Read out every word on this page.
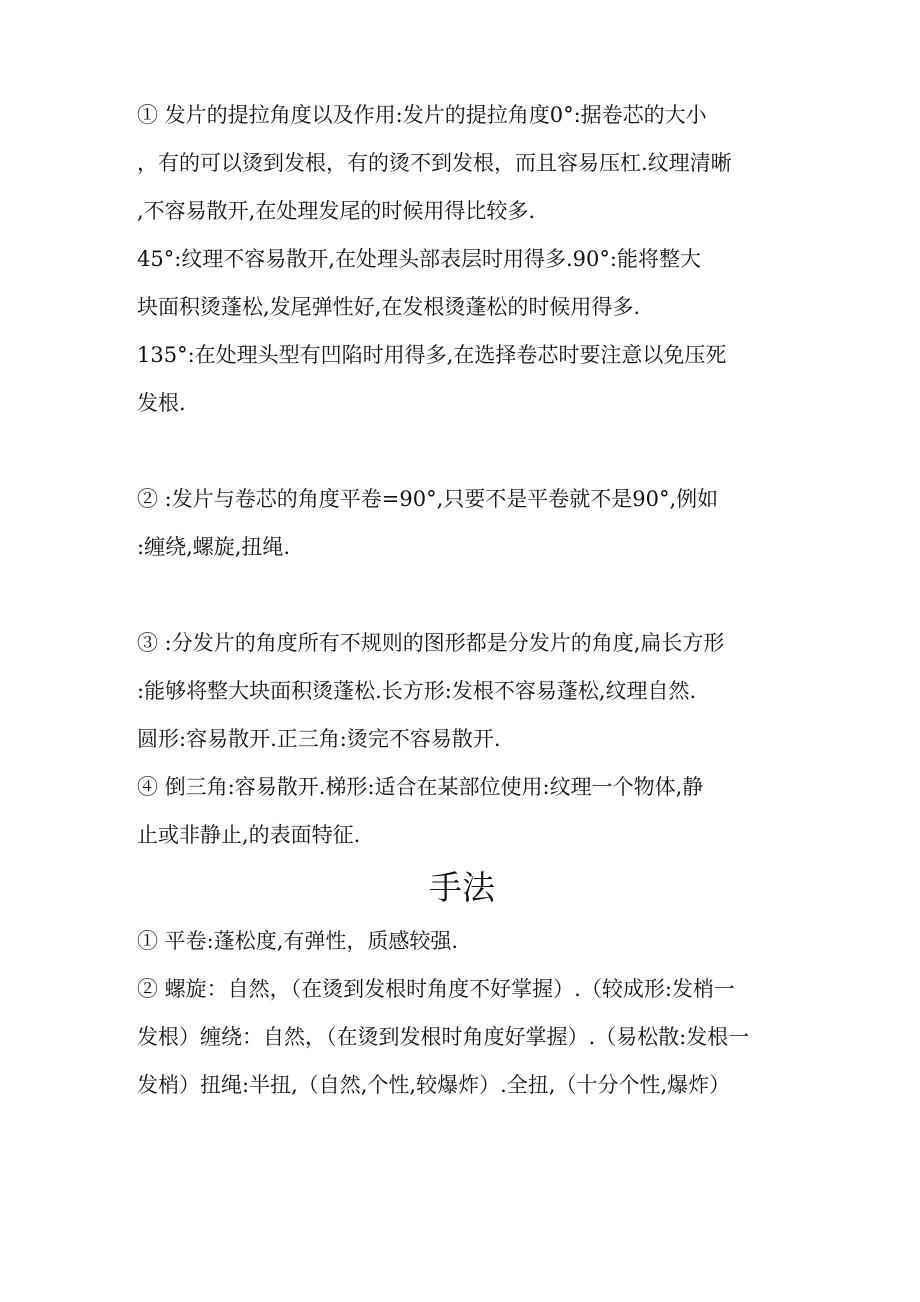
① 发片的提拉角度以及作用:发片的提拉角度0°:据卷芯的大小
，有的可以烫到发根，有的烫不到发根，而且容易压杠.纹理清晰
,不容易散开,在处理发尾的时候用得比较多.
45°:纹理不容易散开,在处理头部表层时用得多.90°:能将整大
块面积烫蓬松,发尾弹性好,在发根烫蓬松的时候用得多.
135°:在处理头型有凹陷时用得多,在选择卷芯时要注意以免压死
发根.
② :发片与卷芯的角度平卷=90°,只要不是平卷就不是90°,例如
:缠绕,螺旋,扭绳.
③ :分发片的角度所有不规则的图形都是分发片的角度,扁长方形
:能够将整大块面积烫蓬松.长方形:发根不容易蓬松,纹理自然.
圆形:容易散开.正三角:烫完不容易散开.
④ 倒三角:容易散开.梯形:适合在某部位使用:纹理一个物体,静
止或非静止,的表面特征.
手法
① 平卷:蓬松度,有弹性，质感较强.
② 螺旋：自然，（在烫到发根时角度不好掌握）.（较成形:发梢一
发根）缠绕：自然，（在烫到发根时角度好掌握）.（易松散:发根一
发梢）扭绳:半扭,（自然,个性,较爆炸）.全扭,（十分个性,爆炸）
